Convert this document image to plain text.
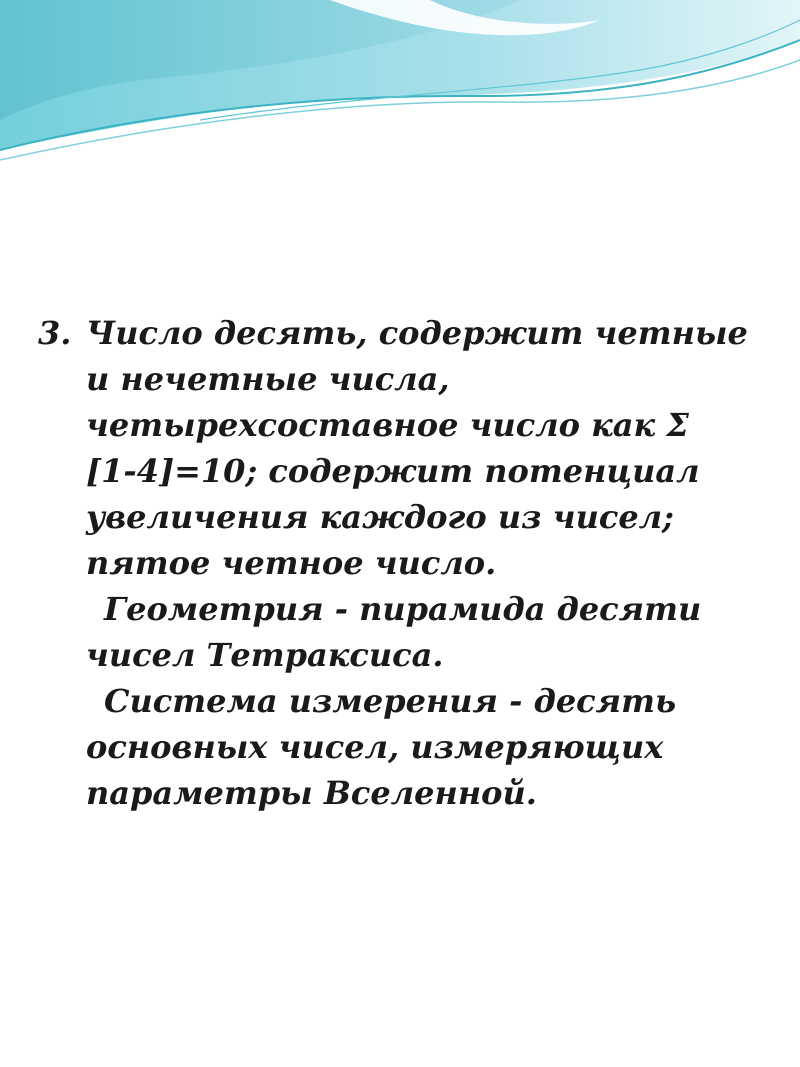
3. Число десять, содержит четные
и нечетные числа,
четырехсоставное число как Σ
[1-4]=10; содержит потенциал
увеличения каждого из чисел;
пятое четное число.
Геометрия - пирамида десяти
чисел Тетраксиса.
Система измерения - десять
основных чисел, измеряющих
параметры Вселенной.
